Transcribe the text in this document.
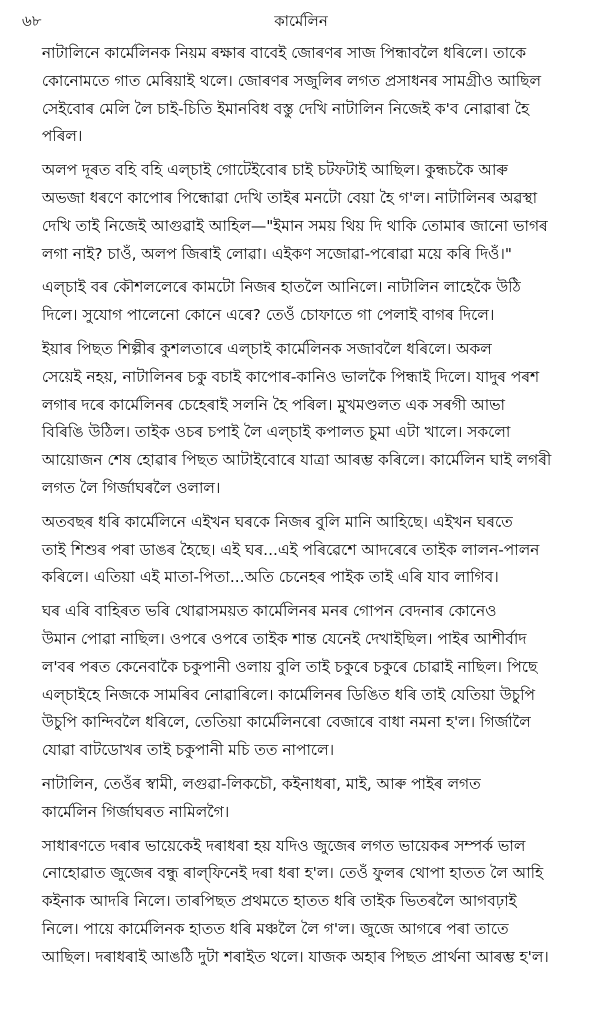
৬৮	কাৰ্মেলিন

নাটালিনে কাৰ্মেলিনক নিয়ম ৰক্ষাৰ বাবেই জোৰণৰ সাজ পিন্ধাবলৈ ধৰিলে। তাকে
কোনোমতে গাত মেৰিয়াই থলে। জোৰণৰ সজুলিৰ লগত প্ৰসাধনৰ সামগ্ৰীও আছিল
সেইবোৰ মেলি লৈ চাই-চিতি ইমানবিধ বস্তু দেখি নাটালিন নিজেই ক'ব নোৱাৰা হৈ
পৰিল।

অলপ দূৰত বহি বহি এল্চাই গোটেইবোৰ চাই চটফটাই আছিল। কুন্ধচকৈ আৰু
অভজা ধৰণে কাপোৰ পিন্ধোৱা দেখি তাইৰ মনটো বেয়া হৈ গ'ল। নাটালিনৰ অৱস্থা
দেখি তাই নিজেই আগুৱাই আহিল—"ইমান সময় থিয় দি থাকি তোমাৰ জানো ভাগৰ
লগা নাই? চাওঁ, অলপ জিৰাই লোৱা। এইকণ সজোৱা-পৰোৱা ময়ে কৰি দিওঁ।"

এল্চাই বৰ কৌশললেৰে কামটো নিজৰ হাতলৈ আনিলে। নাটালিন লাহেকৈ উঠি
দিলে। সুযোগ পালেনো কোনে এৰে? তেওঁ চোফাতে গা পেলাই বাগৰ দিলে।

ইয়াৰ পিছত শিল্পীৰ কুশলতাৰে এল্চাই কাৰ্মেলিনক সজাবলৈ ধৰিলে। অকল
সেয়েই নহয়, নাটালিনৰ চকু বচাই কাপোৰ-কানিও ভালকৈ পিন্ধাই দিলে। যাদুৰ পৰশ
লগাৰ দৰে কাৰ্মেলিনৰ চেহেৰাই সলনি হৈ পৰিল। মুখমণ্ডলত এক সৰগী আভা
বিৰিঙি উঠিল। তাইক ওচৰ চপাই লৈ এল্চাই কপালত চুমা এটা খালে। সকলো
আয়োজন শেষ হোৱাৰ পিছত আটাইবোৰে যাত্ৰা আৰম্ভ কৰিলে। কাৰ্মেলিন ঘাই লগৰী
লগত লৈ গিৰ্জাঘৰলৈ ওলাল।

অতবছৰ ধৰি কাৰ্মেলিনে এইখন ঘৰকে নিজৰ বুলি মানি আহিছে। এইখন ঘৰতে
তাই শিশুৰ পৰা ডাঙৰ হৈছে। এই ঘৰ...এই পৰিৱেশে আদৰেৰে তাইক লালন-পালন
কৰিলে। এতিয়া এই মাতা-পিতা...অতি চেনেহৰ পাইক তাই এৰি যাব লাগিব।

ঘৰ এৰি বাহিৰত ভৰি থোৱাসময়ত কাৰ্মেলিনৰ মনৰ গোপন বেদনাৰ কোনেও
উমান পোৱা নাছিল। ওপৰে ওপৰে তাইক শান্ত যেনেই দেখাইছিল। পাইৰ আশীৰ্বাদ
ল'বৰ পৰত কেনেবাকৈ চকুপানী ওলায় বুলি তাই চকুৰে চকুৰে চোৱাই নাছিল। পিছে
এল্চাইহে নিজকে সামৰিব নোৱাৰিলে। কাৰ্মেলিনৰ ডিঙিত ধৰি তাই যেতিয়া উচুপি
উচুপি কান্দিবলৈ ধৰিলে, তেতিয়া কাৰ্মেলিনৰো বেজাৰে বাধা নমনা হ'ল। গিৰ্জালৈ
যোৱা বাটডোখৰ তাই চকুপানী মচি তত নাপালে।

নাটালিন, তেওঁৰ স্বামী, লগুৱা-লিকচৌ, কইনাধৰা, মাই, আৰু পাইৰ লগত
কাৰ্মেলিন গিৰ্জাঘৰত নামিলগৈ।

সাধাৰণতে দৰাৰ ভায়েকেই দৰাধৰা হয় যদিও জুজেৰ লগত ভায়েকৰ সম্পৰ্ক ভাল
নোহোৱাত জুজেৰ বন্ধু ৰাল্‌ফিনেই দৰা ধৰা হ'ল। তেওঁ ফুলৰ থোপা হাতত লৈ আহি
কইনাক আদৰি নিলে। তাৰপিছত প্ৰথমতে হাতত ধৰি তাইক ভিতৰলৈ আগবঢ়াই
নিলে। পায়ে কাৰ্মেলিনক হাতত ধৰি মঞ্চলৈ লৈ গ'ল। জুজে আগৰে পৰা তাতে
আছিল। দৰাধৰাই আঙঠি দুটা শৰাইত থলে। যাজক অহাৰ পিছত প্ৰাৰ্থনা আৰম্ভ হ'ল।
